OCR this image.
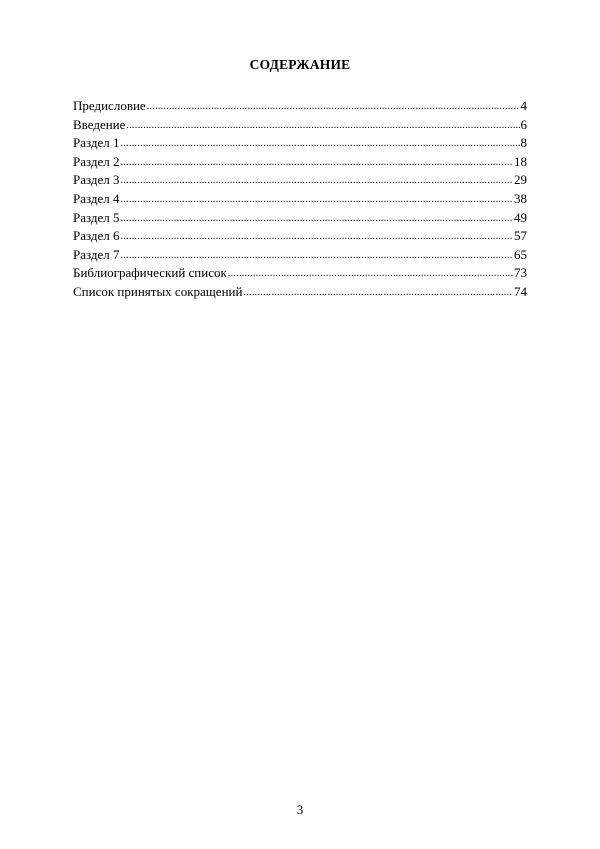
СОДЕРЖАНИЕ
Предисловие .....	4
Введение .....	6
Раздел 1 .....	8
Раздел 2 .....	18
Раздел 3 .....	29
Раздел 4 .....	38
Раздел 5 .....	49
Раздел 6 .....	57
Раздел 7 .....	65
Библиографический список .....	73
Список принятых сокращений .....	74
3
